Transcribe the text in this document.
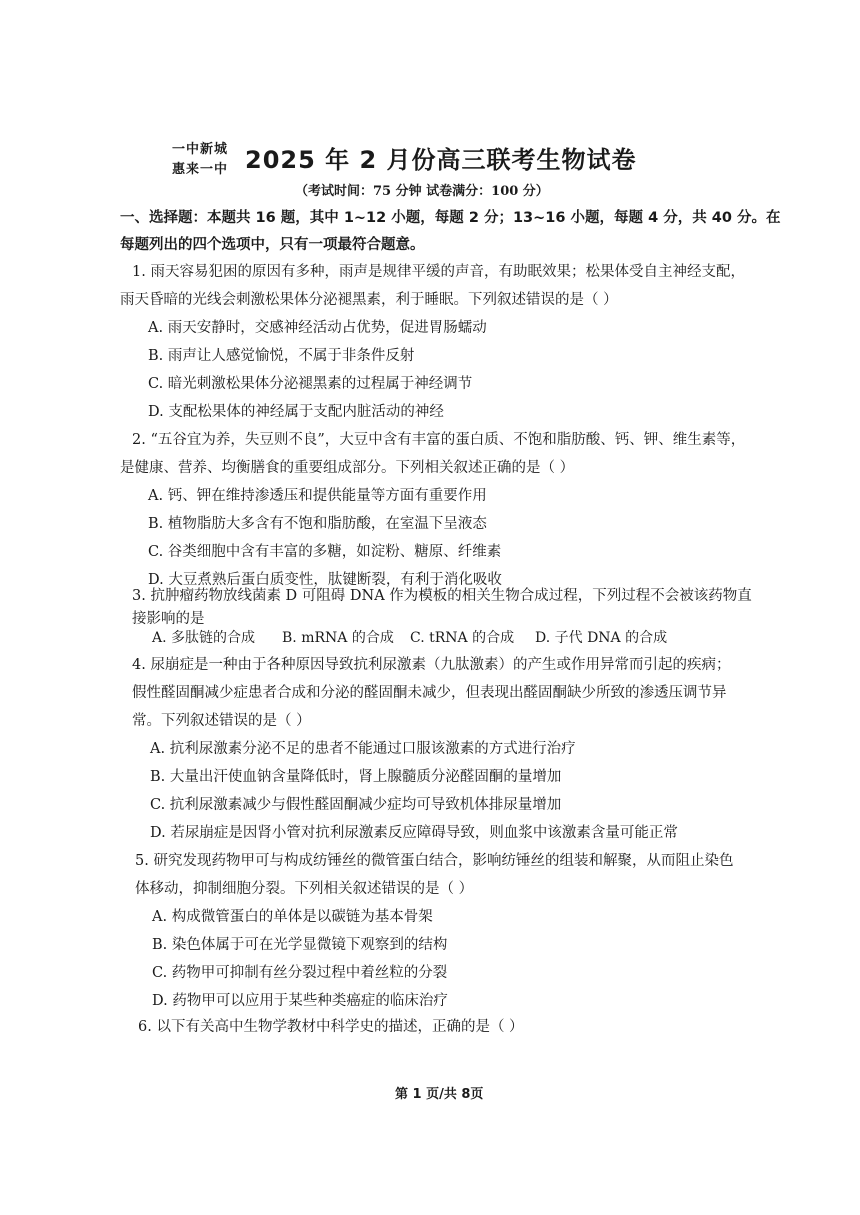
一中新城
惠来一中 2025 年 2 月份高三联考生物试卷
（考试时间：75 分钟 试卷满分：100 分）
一、选择题：本题共 16 题，其中 1~12 小题，每题 2 分；13~16 小题，每题 4 分，共 40 分。在
每题列出的四个选项中，只有一项最符合题意。
1. 雨天容易犯困的原因有多种，雨声是规律平缓的声音，有助眠效果；松果体受自主神经支配，
雨天昏暗的光线会刺激松果体分泌褪黑素，利于睡眠。下列叙述错误的是（ ）
A. 雨天安静时，交感神经活动占优势，促进胃肠蠕动
B. 雨声让人感觉愉悦，不属于非条件反射
C. 暗光刺激松果体分泌褪黑素的过程属于神经调节
D. 支配松果体的神经属于支配内脏活动的神经
2. “五谷宜为养，失豆则不良”，大豆中含有丰富的蛋白质、不饱和脂肪酸、钙、钾、维生素等，
是健康、营养、均衡膳食的重要组成部分。下列相关叙述正确的是（ ）
A. 钙、钾在维持渗透压和提供能量等方面有重要作用
B. 植物脂肪大多含有不饱和脂肪酸，在室温下呈液态
C. 谷类细胞中含有丰富的多糖，如淀粉、糖原、纤维素
D. 大豆煮熟后蛋白质变性，肽键断裂，有利于消化吸收
3. 抗肿瘤药物放线菌素 D 可阻碍 DNA 作为模板的相关生物合成过程，下列过程不会被该药物直
接影响的是
A. 多肽链的合成 B. mRNA 的合成 C. tRNA 的合成 D. 子代 DNA 的合成
4. 尿崩症是一种由于各种原因导致抗利尿激素（九肽激素）的产生或作用异常而引起的疾病；
假性醛固酮减少症患者合成和分泌的醛固酮未减少，但表现出醛固酮缺少所致的渗透压调节异
常。下列叙述错误的是（ ）
A. 抗利尿激素分泌不足的患者不能通过口服该激素的方式进行治疗
B. 大量出汗使血钠含量降低时，肾上腺髓质分泌醛固酮的量增加
C. 抗利尿激素减少与假性醛固酮减少症均可导致机体排尿量增加
D. 若尿崩症是因肾小管对抗利尿激素反应障碍导致，则血浆中该激素含量可能正常
5. 研究发现药物甲可与构成纺锤丝的微管蛋白结合，影响纺锤丝的组装和解聚，从而阻止染色
体移动，抑制细胞分裂。下列相关叙述错误的是（ ）
A. 构成微管蛋白的单体是以碳链为基本骨架
B. 染色体属于可在光学显微镜下观察到的结构
C. 药物甲可抑制有丝分裂过程中着丝粒的分裂
D. 药物甲可以应用于某些种类癌症的临床治疗
6. 以下有关高中生物学教材中科学史的描述，正确的是（ ）
第 1 页/共 8页
